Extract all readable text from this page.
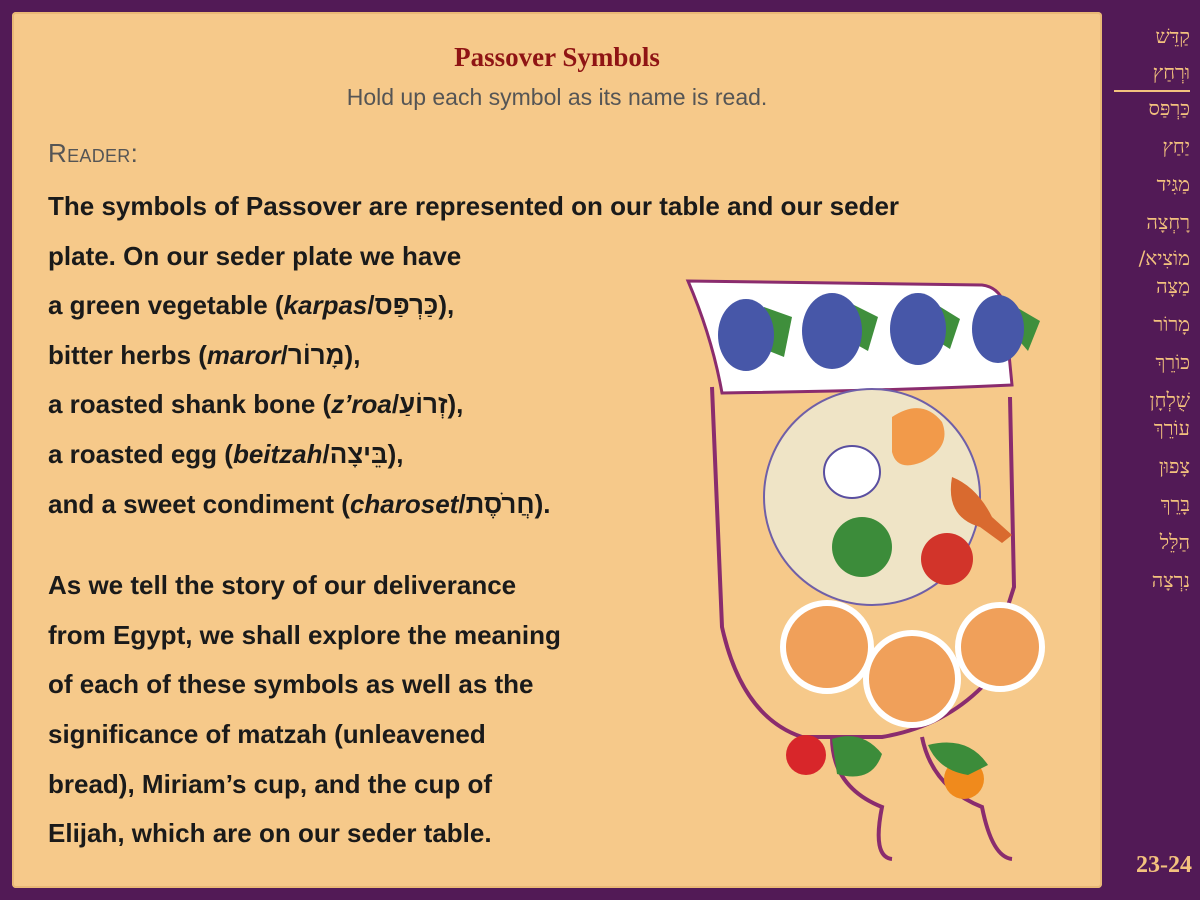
Passover Symbols
Hold up each symbol as its name is read.
Reader:
The symbols of Passover are represented on our table and our seder
plate. On our seder plate we have
a green vegetable (karpas/כַּרְפַּס),
bitter herbs (maror/מָרוֹר),
a roasted shank bone (z’roa/זְרוֹעַ),
a roasted egg (beitzah/בֵּיצָה),
and a sweet condiment (charoset/חֲרֹסֶת).
As we tell the story of our deliverance
from Egypt, we shall explore the meaning
of each of these symbols as well as the
significance of matzah (unleavened
bread), Miriam’s cup, and the cup of
Elijah, which are on our seder table.
קַדֵּשׁ
וּרְחַץ
כַּרְפַּס
יַחַץ
מַגִּיד
רָחְצָה
מוֹצִיא/
מַצָּה
מָרוֹר
כּוֹרֵךְ
שֻׁלְחָן
עוֹרֵךְ
צָפוּן
בָּרֵךְ
הַלֵּל
נִרְצָה
23-24
